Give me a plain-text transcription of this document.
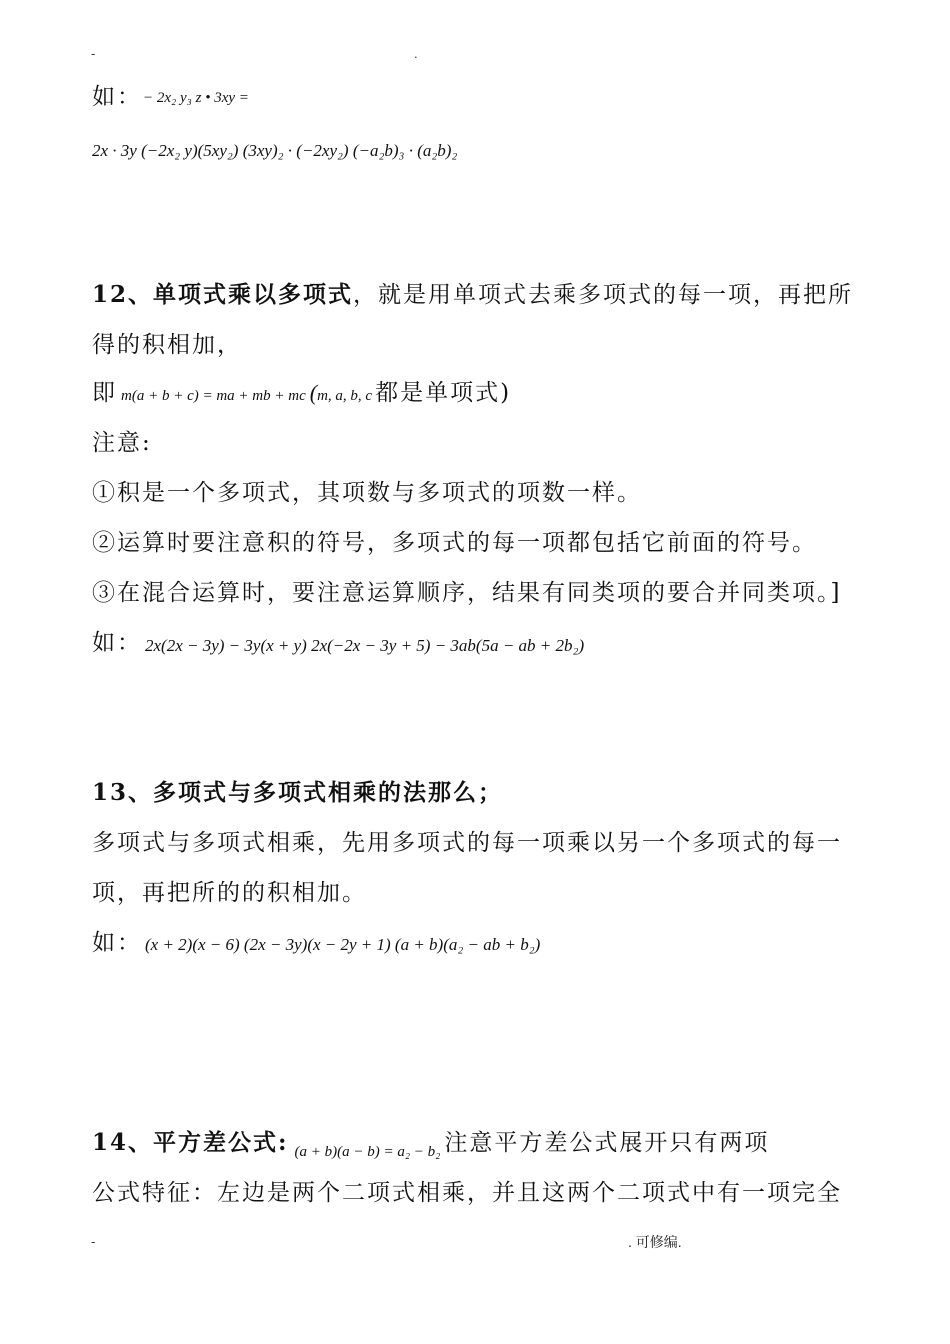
-	.
如： − 2x₂ y₃ z • 3xy =
2x · 3y (−2x₂ y)(5xy₂) (3xy)₂ · (−2xy₂) (−a₂b)₃ · (a₂b)₂
12、单项式乘以多项式，就是用单项式去乘多项式的每一项，再把所
得的积相加，
即m(a + b + c) = ma + mb + mc (m, a, b, c 都是单项式)
注意:
①积是一个多项式，其项数与多项式的项数一样。
②运算时要注意积的符号，多项式的每一项都包括它前面的符号。
③在混合运算时，要注意运算顺序，结果有同类项的要合并同类项。]
如： 2x(2x − 3y) − 3y(x + y) 2x(−2x − 3y + 5) − 3ab(5a − ab + 2b₂)
13、多项式与多项式相乘的法那么；
多项式与多项式相乘，先用多项式的每一项乘以另一个多项式的每一
项，再把所的的积相加。
如： (x + 2)(x − 6) (2x − 3y)(x − 2y + 1) (a + b)(a₂ − ab + b₂)
14、平方差公式: (a + b)(a − b) = a₂ − b₂ 注意平方差公式展开只有两项
公式特征：左边是两个二项式相乘，并且这两个二项式中有一项完全
-	. 可修编.
